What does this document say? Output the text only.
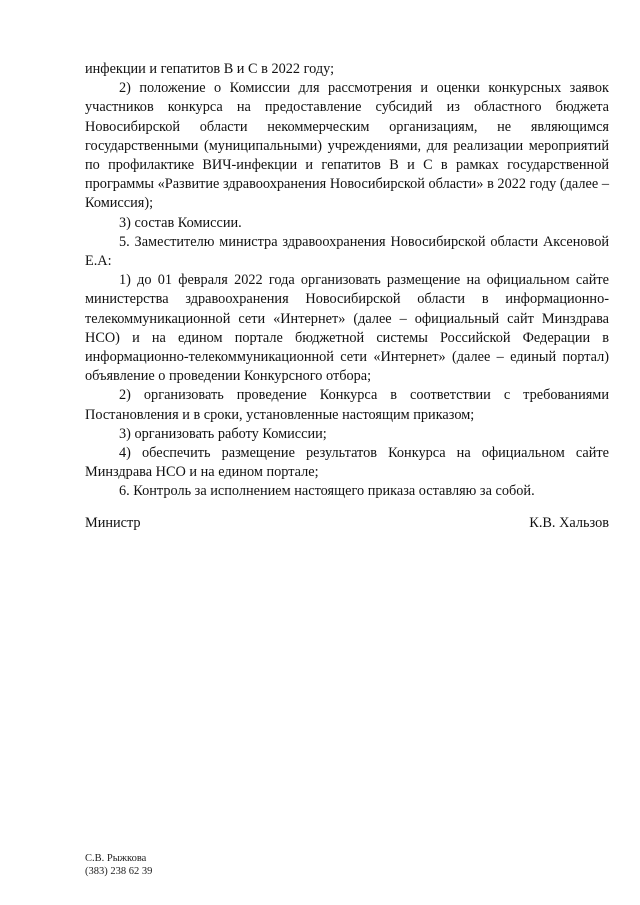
инфекции и гепатитов В и С в 2022 году;

2) положение о Комиссии для рассмотрения и оценки конкурсных заявок участников конкурса на предоставление субсидий из областного бюджета Новосибирской области некоммерческим организациям, не являющимся государственными (муниципальными) учреждениями, для реализации мероприятий по профилактике ВИЧ-инфекции и гепатитов В и С в рамках государственной программы «Развитие здравоохранения Новосибирской области» в 2022 году (далее – Комиссия);

3) состав Комиссии.

5. Заместителю министра здравоохранения Новосибирской области Аксеновой Е.А:

1) до 01 февраля 2022 года организовать размещение на официальном сайте министерства здравоохранения Новосибирской области в информационно-телекоммуникационной сети «Интернет» (далее – официальный сайт Минздрава НСО) и на едином портале бюджетной системы Российской Федерации в информационно-телекоммуникационной сети «Интернет» (далее – единый портал) объявление о проведении Конкурсного отбора;

2) организовать проведение Конкурса в соответствии с требованиями Постановления и в сроки, установленные настоящим приказом;

3) организовать работу Комиссии;

4) обеспечить размещение результатов Конкурса на официальном сайте Минздрава НСО и на едином портале;

6. Контроль за исполнением настоящего приказа оставляю за собой.

Министр	К.В. Хальзов
С.В. Рыжкова
(383) 238 62 39
